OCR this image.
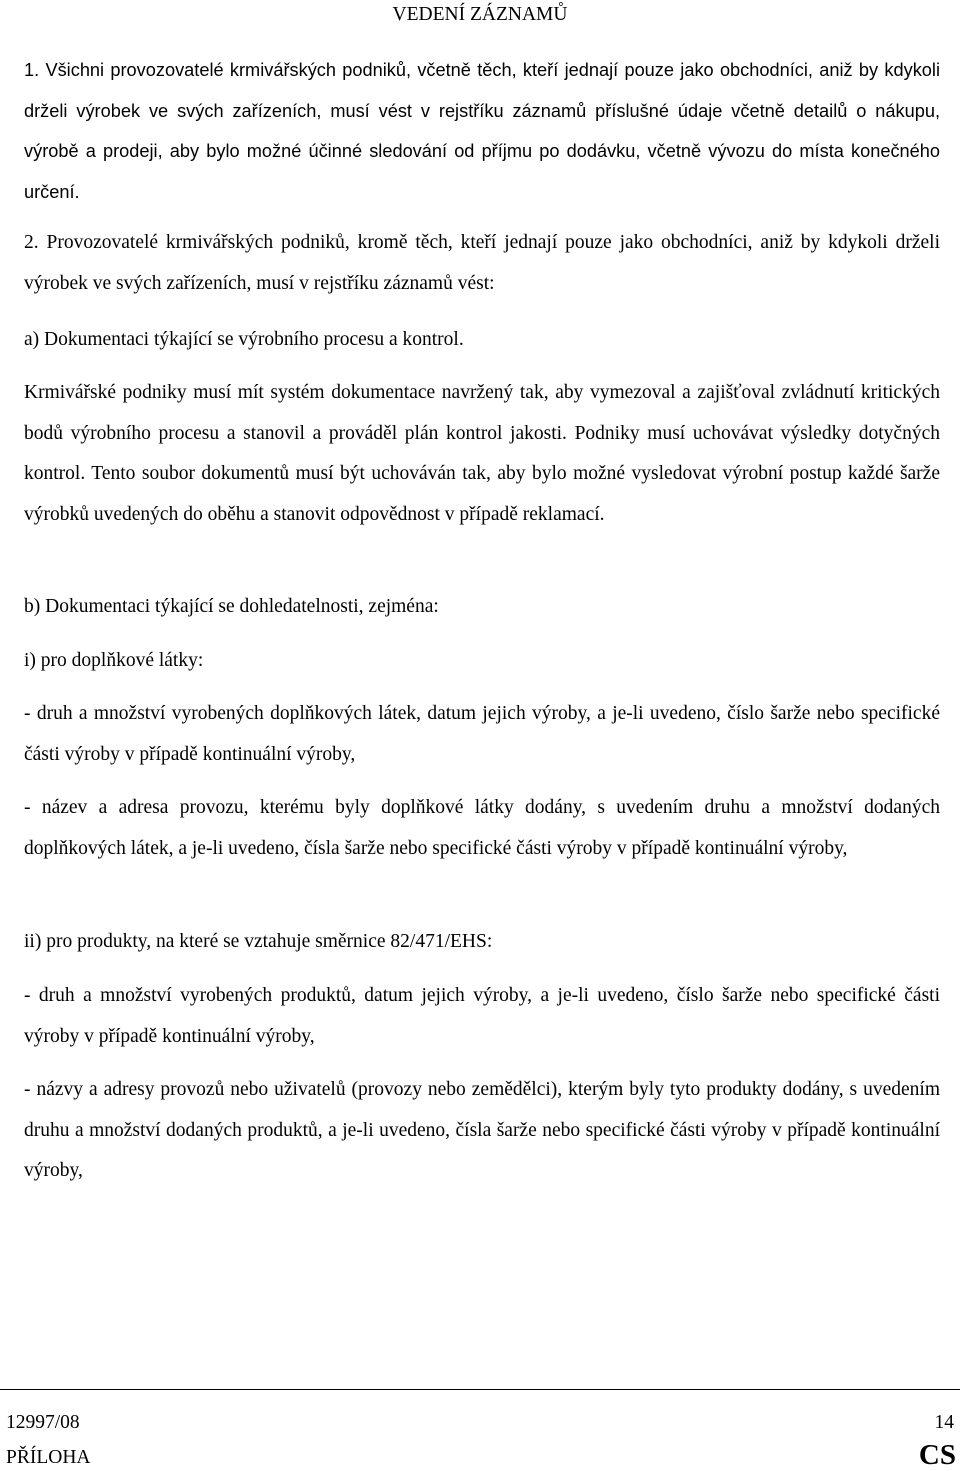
VEDENÍ ZÁZNAMŮ

1. Všichni provozovatelé krmivářských podniků, včetně těch, kteří jednají pouze jako obchodníci, aniž by kdykoli drželi výrobek ve svých zařízeních, musí vést v rejstříku záznamů příslušné údaje včetně detailů o nákupu, výrobě a prodeji, aby bylo možné účinné sledování od příjmu po dodávku, včetně vývozu do místa konečného určení.

2. Provozovatelé krmivářských podniků, kromě těch, kteří jednají pouze jako obchodníci, aniž by kdykoli drželi výrobek ve svých zařízeních, musí v rejstříku záznamů vést:

a) Dokumentaci týkající se výrobního procesu a kontrol.

Krmivářské podniky musí mít systém dokumentace navržený tak, aby vymezoval a zajišťoval zvládnutí kritických bodů výrobního procesu a stanovil a prováděl plán kontrol jakosti. Podniky musí uchovávat výsledky dotyčných kontrol. Tento soubor dokumentů musí být uchováván tak, aby bylo možné vysledovat výrobní postup každé šarže výrobků uvedených do oběhu a stanovit odpovědnost v případě reklamací.

b) Dokumentaci týkající se dohledatelnosti, zejména:

i) pro doplňkové látky:

- druh a množství vyrobených doplňkových látek, datum jejich výroby, a je-li uvedeno, číslo šarže nebo specifické části výroby v případě kontinuální výroby,

- název a adresa provozu, kterému byly doplňkové látky dodány, s uvedením druhu a množství dodaných doplňkových látek, a je-li uvedeno, čísla šarže nebo specifické části výroby v případě kontinuální výroby,

ii) pro produkty, na které se vztahuje směrnice 82/471/EHS:

- druh a množství vyrobených produktů, datum jejich výroby, a je-li uvedeno, číslo šarže nebo specifické části výroby v případě kontinuální výroby,

- názvy a adresy provozů nebo uživatelů (provozy nebo zemědělci), kterým byly tyto produkty dodány, s uvedením druhu a množství dodaných produktů, a je-li uvedeno, čísla šarže nebo specifické části výroby v případě kontinuální výroby,

12997/08	14
PŘÍLOHA	CS
